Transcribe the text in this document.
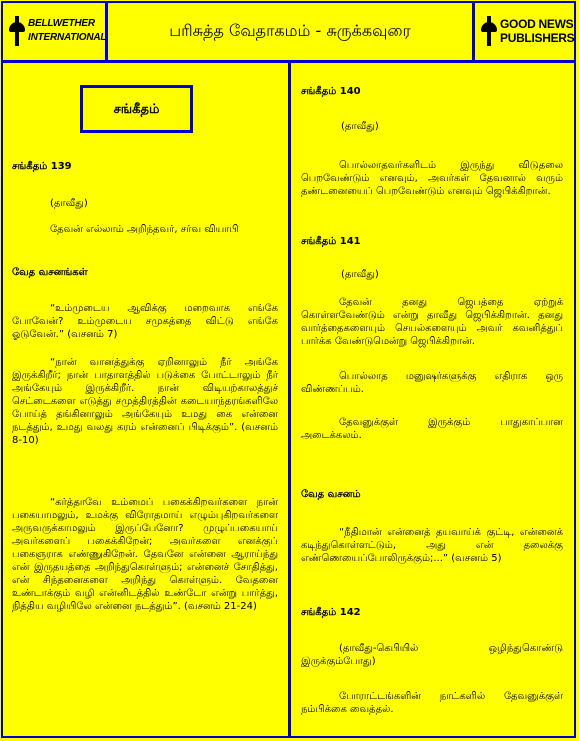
BELLWETHER
INTERNATIONAL	பரிசுத்த வேதாகமம் - சுருக்கவுரை	GOOD NEWS
PUBLISHERS
சங்கீதம்
சங்கீதம் 139
(தாவீது)
தேவன் எல்லாம் அறிந்தவர், சர்வ வியாபி
வேத வசனங்கள்
“உம்முடைய ஆவிக்கு மறைவாக எங்கே போவேன்? உம்முடைய சமுகத்தை விட்டு எங்கே ஓடுவேன்.” (வசனம் 7)
“நான் வானத்துக்கு ஏறினாலும் நீர் அங்கே இருக்கிறீர்; நான் பாதாளத்தில் படுக்கை போட்டாலும் நீர் அங்கேயும் இருக்கிறீர். நான் விடியற்காலத்துச் செட்டைகளை எடுத்து சமுத்திரத்தின் கடையாந்தரங்களிலே போய்த் தங்கினாலும் அங்கேயும் உமது கை என்னை நடத்தும், உமது வலது கரம் என்னைப் பிடிக்கும்”. (வசனம் 8-10)
“கர்த்தாவே உம்மைப் பகைக்கிறவர்களை நான் பகையாமலும், உமக்கு விரோதமாய் எழும்புகிறவர்களை அருவருக்காமலும் இருப்பேனோ? முழுப்பகையாய் அவர்களைப் பகைக்கிறேன்; அவர்களை எனக்குப் பகைஞராக எண்ணுகிறேன். தேவனே என்னை ஆராய்ந்து என் இருதயத்தை அறிந்துகொள்ளும்; என்னைச் சோதித்து, என் சிந்தனைகளை அறிந்து கொள்ளும். வேதனை உண்டாக்கும் வழி என்னிடத்தில் உண்டோ என்று பார்த்து, நித்திய வழியிலே என்னை நடத்தும்”. (வசனம் 21-24)
சங்கீதம் 140
(தாவீது)
பொல்லாதவர்களிடம் இருந்து விடுதலை பெறவேண்டும் எனவும், அவர்கள் தேவனால் வரும் தண்டனையைப் பெறவேண்டும் எனவும் ஜெபிக்கிறான்.
சங்கீதம் 141
(தாவீது)
தேவன் தனது ஜெபத்தை ஏற்றுக் கொள்ளவேண்டும் என்று தாவீது ஜெபிக்கிறான். தனது வார்த்தைகளையும் செயல்களையும் அவர் கவனித்துப் பார்க்க வேண்டுமென்று ஜெபிக்கிறான்.
பொல்லாத மனுஷர்களுக்கு எதிராக ஒரு விண்ணப்பம்.
தேவனுக்குள் இருக்கும் பாதுகாப்பான அடைக்கலம்.
வேத வசனம்
“நீதிமான் என்னைத் தயவாய்க் குட்டி, என்னைக் கடிந்துகொள்ளட்டும், அது என் தலைக்கு எண்ணெயைப்போலிருக்கும்;...” (வசனம் 5)
சங்கீதம் 142
(தாவீது-கெபியில் ஒழிந்துகொண்டு இருக்கும்போது)
போராட்டங்களின் நாட்களில் தேவனுக்குள் நம்பிக்கை வைத்தல்.
